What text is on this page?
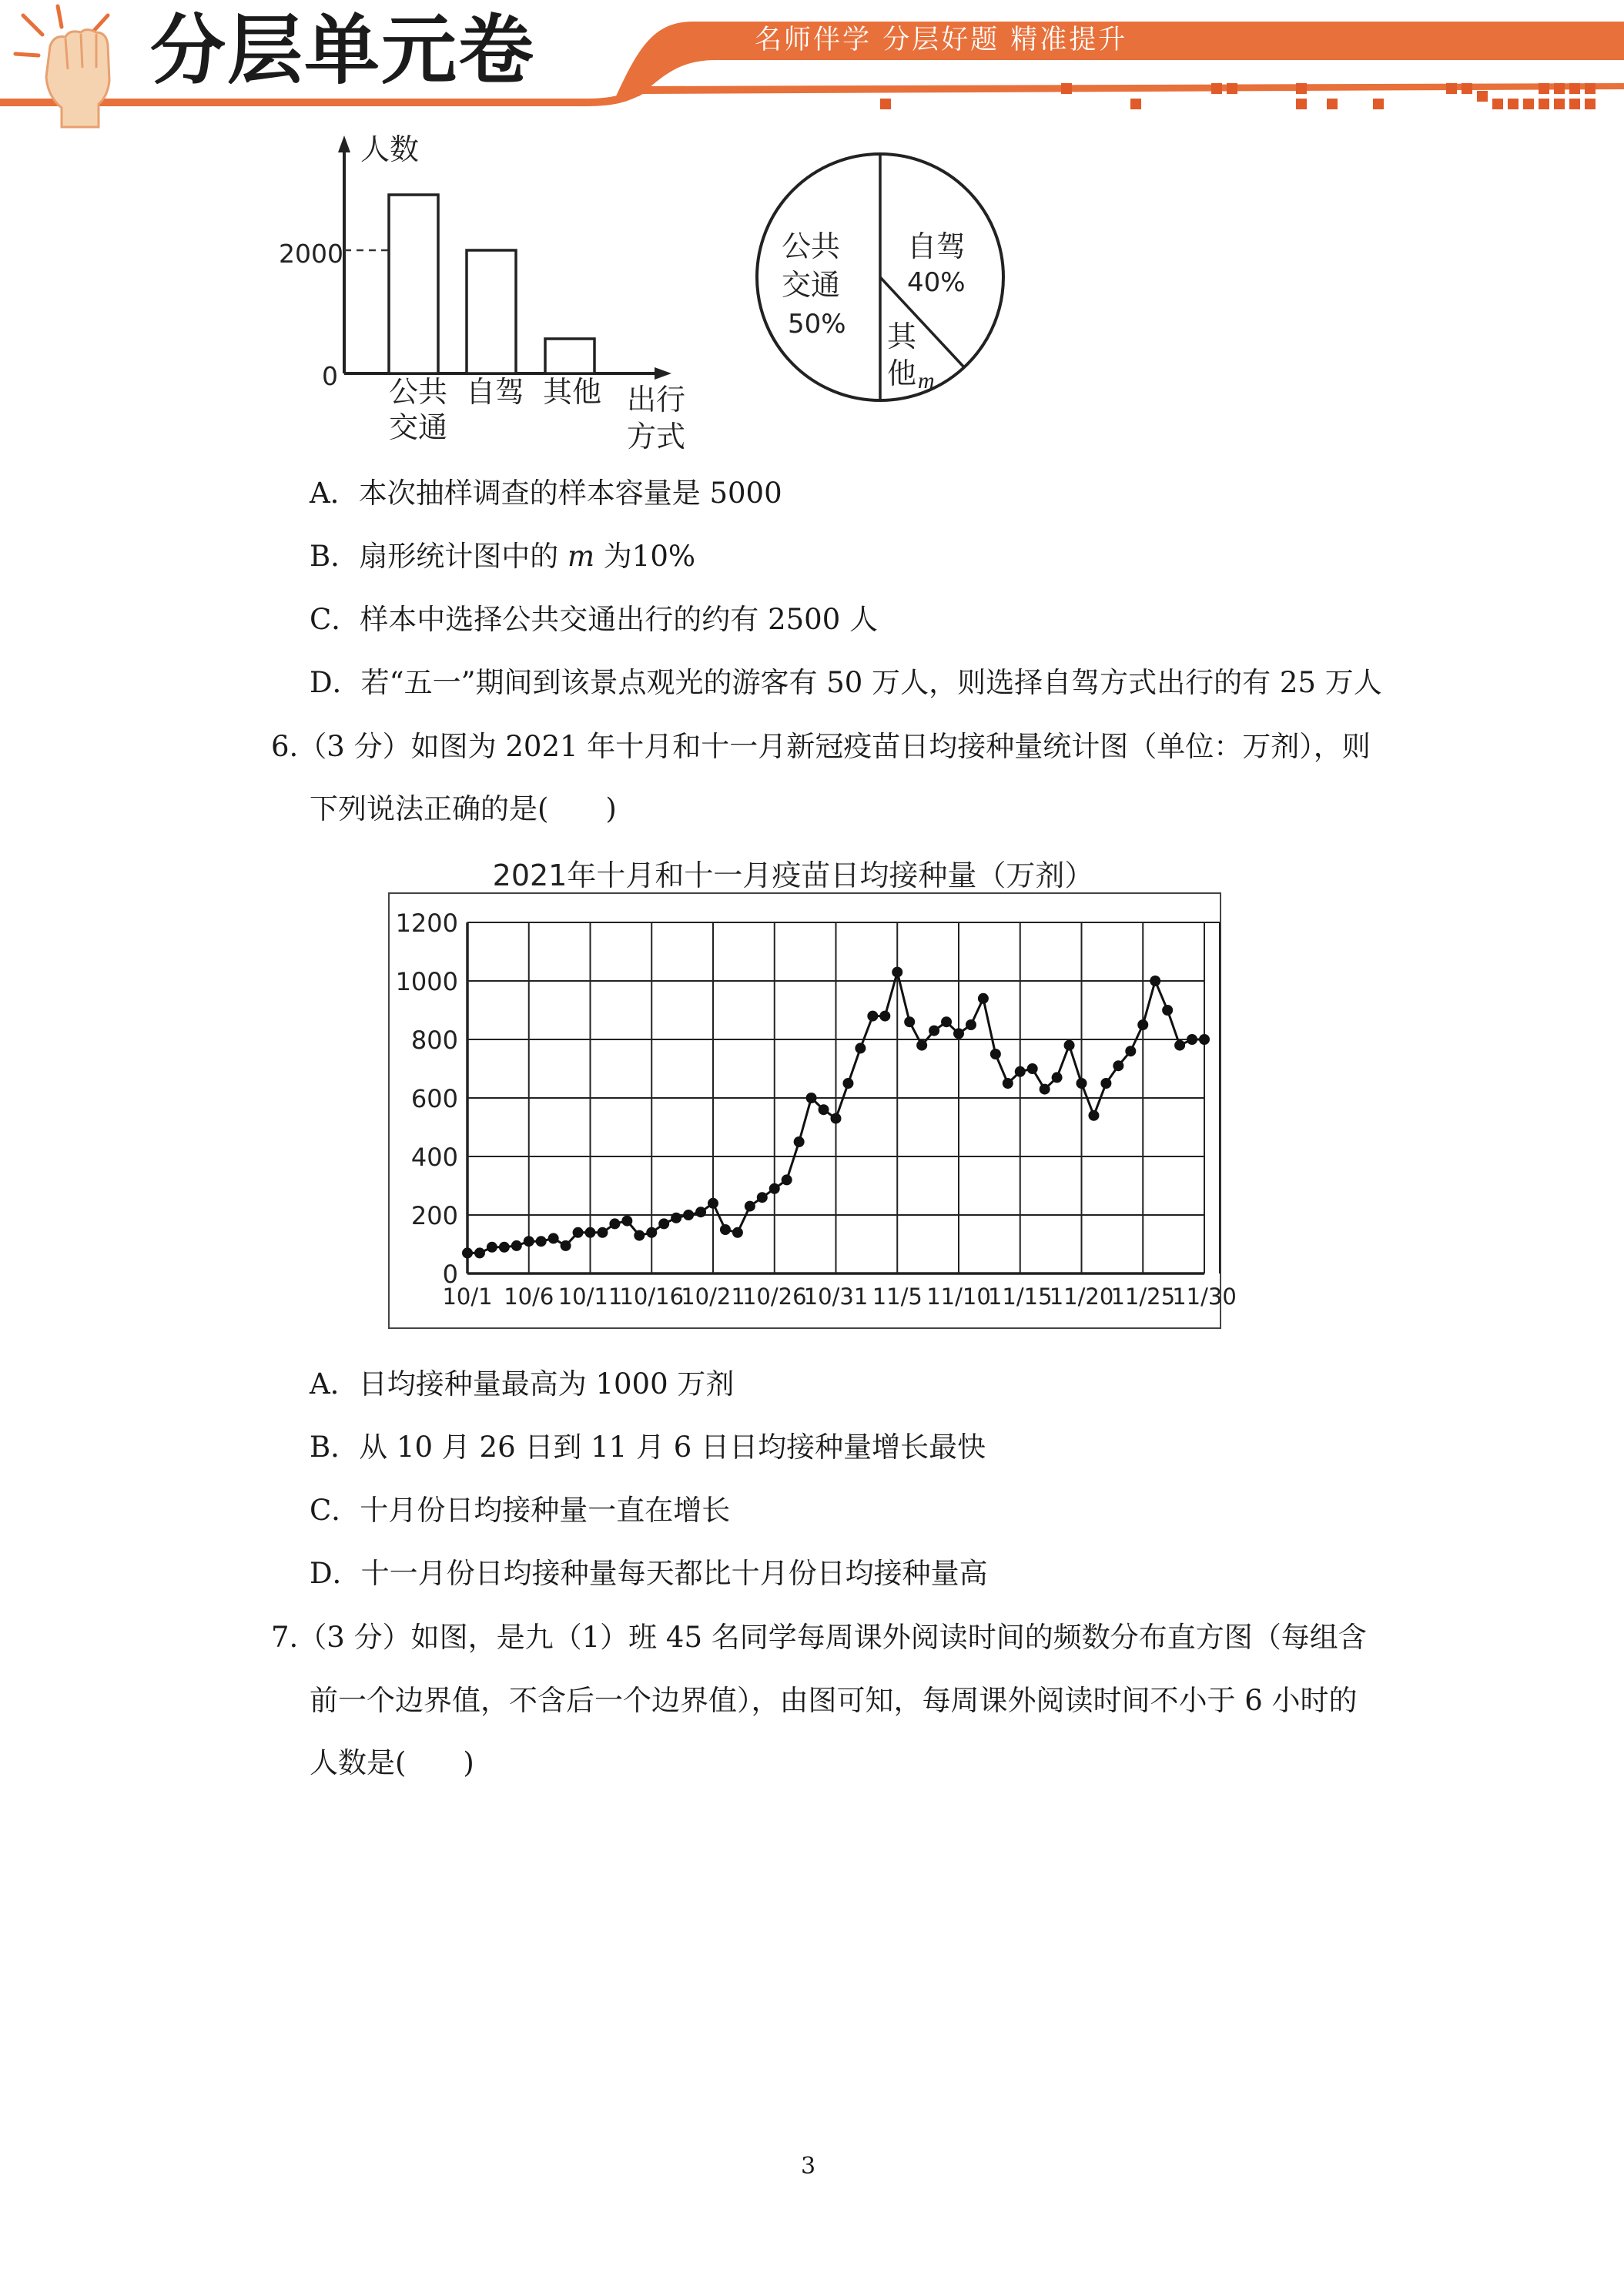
分层单元卷	名师伴学 分层好题 精准提升
人数
2000
0 公共
交通
自驾 其他 出行
方式
公共
交通
50%
自驾
40%
其
他 m
A．本次抽样调查的样本容量是 5000
B．扇形统计图中的 m 为10%
C．样本中选择公共交通出行的约有 2500 人
D．若“五一”期间到该景点观光的游客有 50 万人，则选择自驾方式出行的有 25 万人
6.（3 分）如图为 2021 年十月和十一月新冠疫苗日均接种量统计图（单位：万剂），则
下列说法正确的是(　　)
2021年十月和十一月疫苗日均接种量（万剂）
0
200
400
600
800
1000
1200
10/1 10/6 10/11
10/16
10/21
10/26
10/31 11/5 11/10
11/15
11/20
11/25
11/30
A．日均接种量最高为 1000 万剂
B．从 10 月 26 日到 11 月 6 日日均接种量增长最快
C．十月份日均接种量一直在增长
D．十一月份日均接种量每天都比十月份日均接种量高
7.（3 分）如图，是九（1）班 45 名同学每周课外阅读时间的频数分布直方图（每组含
前一个边界值，不含后一个边界值），由图可知，每周课外阅读时间不小于 6 小时的
人数是(　　)
3
